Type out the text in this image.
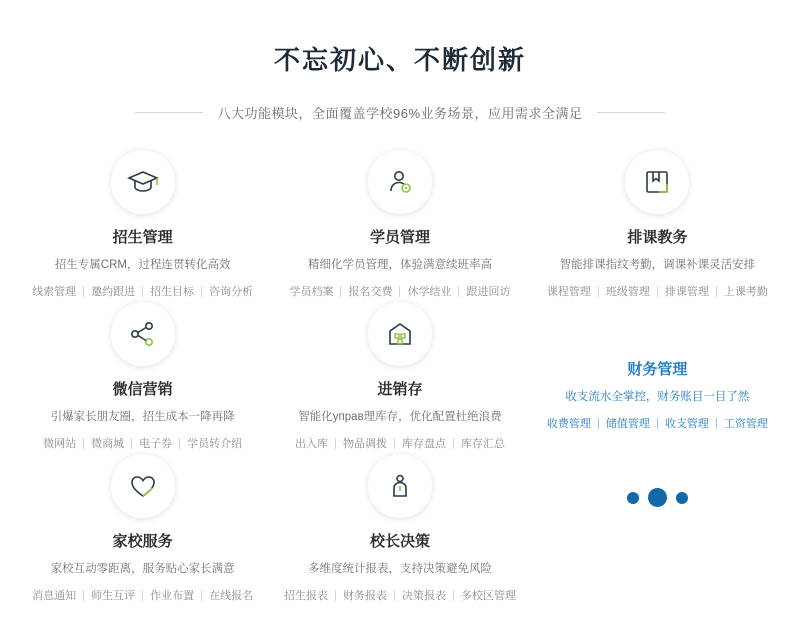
不忘初心、不断创新

八大功能模块，全面覆盖学校96%业务场景，应用需求全满足

招生管理
招生专属CRM，过程连贯转化高效
线索管理	邀约跟进	招生目标	咨询分析
学员管理
精细化学员管理，体验满意续班率高
学员档案	报名交费	休学结业	跟进回访
排课教务
智能排课指纹考勤，调课补课灵活安排
课程管理	班级管理	排课管理	上课考勤
微信营销
引爆家长朋友圈，招生成本一降再降
微网站	微商城	电子券	学员转介绍
进销存
智能化управ理库存，优化配置杜绝浪费
出入库	物品调拨	库存盘点	库存汇总
财务管理
收支流水全掌控，财务账目一目了然
收费管理	储值管理	收支管理	工资管理
家校服务
家校互动零距离，服务贴心家长满意
消息通知	师生互评	作业布置	在线报名
校长决策
多维度统计报表，支持决策避免风险
招生报表	财务报表	决策报表	多校区管理
